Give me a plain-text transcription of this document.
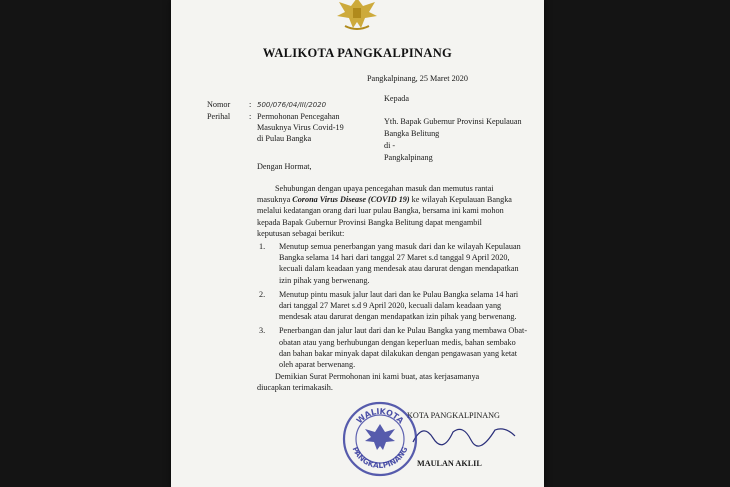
WALIKOTA PANGKALPINANG
Pangkalpinang, 25 Maret 2020
Kepada
Yth. Bapak Gubernur Provinsi Kepulauan
Bangka Belitung
di -
Pangkalpinang
Nomor : 500/076/04/III/2020
Perihal : Permohonan Pencegahan
Masuknya Virus Covid-19
di Pulau Bangka
Dengan Hormat,
Sehubungan dengan upaya pencegahan masuk dan memutus rantai
masuknya Corona Virus Disease (COVID 19) ke wilayah Kepulauan Bangka
melalui kedatangan orang dari luar pulau Bangka, bersama ini kami mohon
kepada Bapak Gubernur Provinsi Bangka Belitung dapat mengambil
keputusan sebagai berikut:
1. Menutup semua penerbangan yang masuk dari dan ke wilayah Kepulauan
Bangka selama 14 hari dari tanggal 27 Maret s.d tanggal 9 April 2020,
kecuali dalam keadaan yang mendesak atau darurat dengan mendapatkan
izin pihak yang berwenang.
2. Menutup pintu masuk jalur laut dari dan ke Pulau Bangka selama 14 hari
dari tanggal 27 Maret s.d 9 April 2020, kecuali dalam keadaan yang
mendesak atau darurat dengan mendapatkan izin pihak yang berwenang.
3. Penerbangan dan jalur laut dari dan ke Pulau Bangka yang membawa Obat-
obatan atau yang berhubungan dengan keperluan medis, bahan sembako
dan bahan bakar minyak dapat dilakukan dengan pengawasan yang ketat
oleh aparat berwenang.
Demikian Surat Permohonan ini kami buat, atas kerjasamanya
diucapkan terimakasih.
KOTA PANGKALPINANG
MAULAN AKLIL
WALIKOTA
PANGKALPINANG
